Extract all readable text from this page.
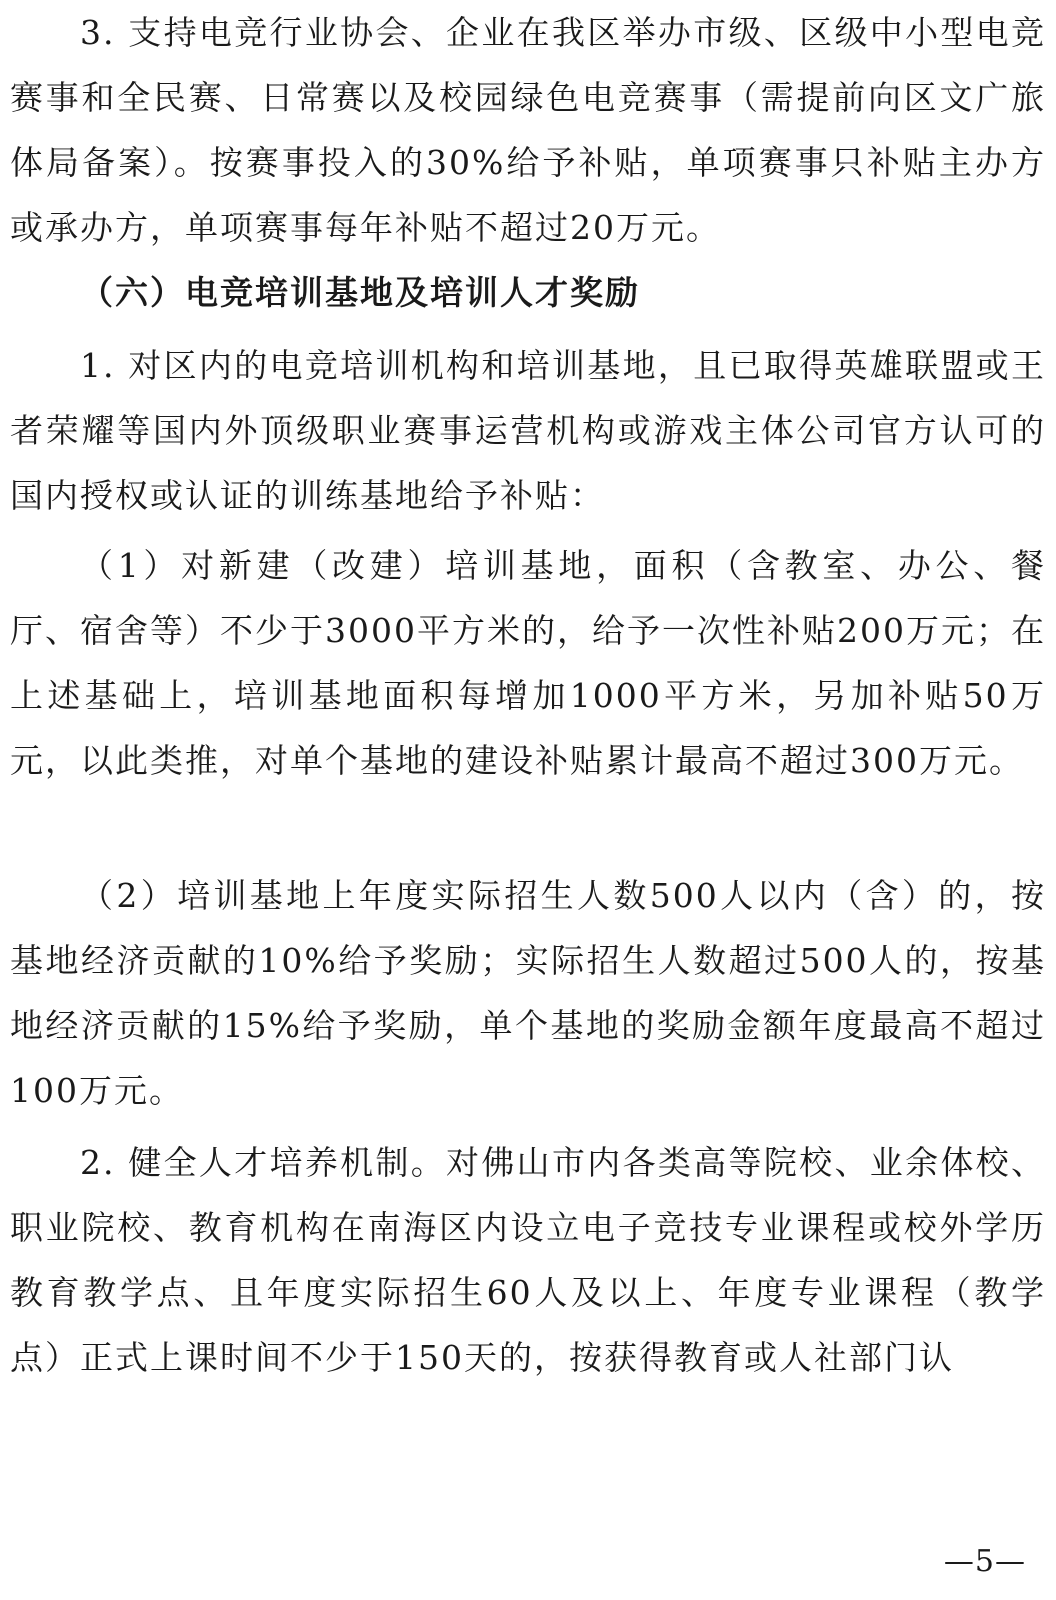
3. 支持电竞行业协会、企业在我区举办市级、区级中小型电竞赛事和全民赛、日常赛以及校园绿色电竞赛事（需提前向区文广旅体局备案）。按赛事投入的30%给予补贴，单项赛事只补贴主办方或承办方，单项赛事每年补贴不超过20万元。

（六）电竞培训基地及培训人才奖励

1. 对区内的电竞培训机构和培训基地，且已取得英雄联盟或王者荣耀等国内外顶级职业赛事运营机构或游戏主体公司官方认可的国内授权或认证的训练基地给予补贴：

（1）对新建（改建）培训基地，面积（含教室、办公、餐厅、宿舍等）不少于3000平方米的，给予一次性补贴200万元；在上述基础上，培训基地面积每增加1000平方米，另加补贴50万元，以此类推，对单个基地的建设补贴累计最高不超过300万元。

（2）培训基地上年度实际招生人数500人以内（含）的，按基地经济贡献的10%给予奖励；实际招生人数超过500人的，按基地经济贡献的15%给予奖励，单个基地的奖励金额年度最高不超过100万元。

2. 健全人才培养机制。对佛山市内各类高等院校、业余体校、职业院校、教育机构在南海区内设立电子竞技专业课程或校外学历教育教学点、且年度实际招生60人及以上、年度专业课程（教学点）正式上课时间不少于150天的，按获得教育或人社部门认

—5—
